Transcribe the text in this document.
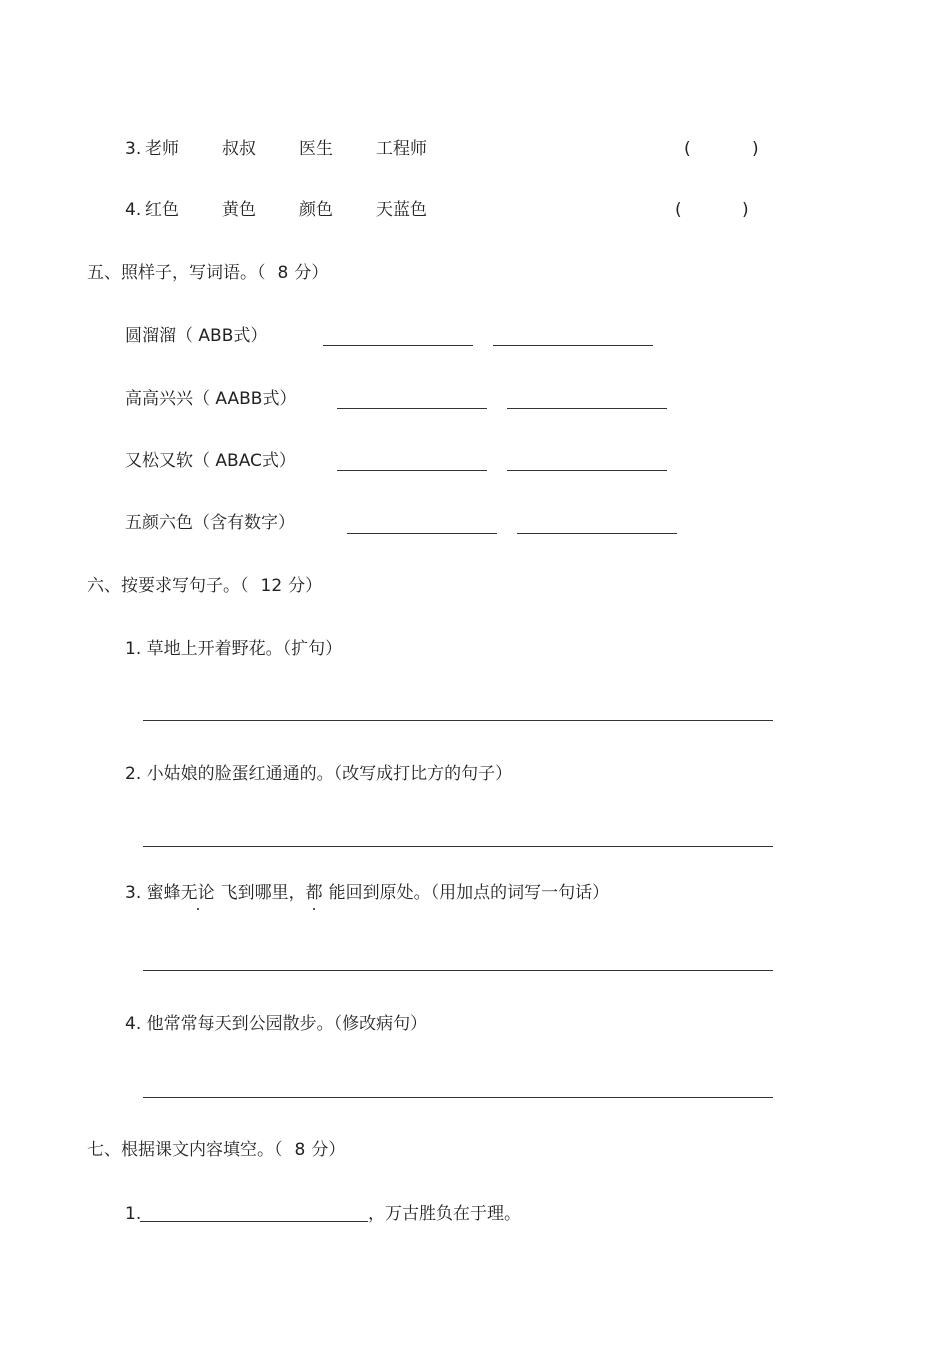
3. 老师	叔叔	医生	工程师	(	)
4. 红色	黄色	颜色	天蓝色	(	)
五、照样子，写词语。（ 8 分）
圆溜溜（ ABB式）
高高兴兴（ AABB式）
又松又软（ ABAC式）
五颜六色（含有数字）
六、按要求写句子。（ 12 分）
1. 草地上开着野花。（扩句）
2. 小姑娘的脸蛋红通通的。（改写成打比方的句子）
3. 蜜蜂无论 飞到哪里，都 能回到原处。（用加点的词写一句话）
4. 他常常每天到公园散步。（修改病句）
七、根据课文内容填空。（ 8 分）
1.	，万古胜负在于理。
